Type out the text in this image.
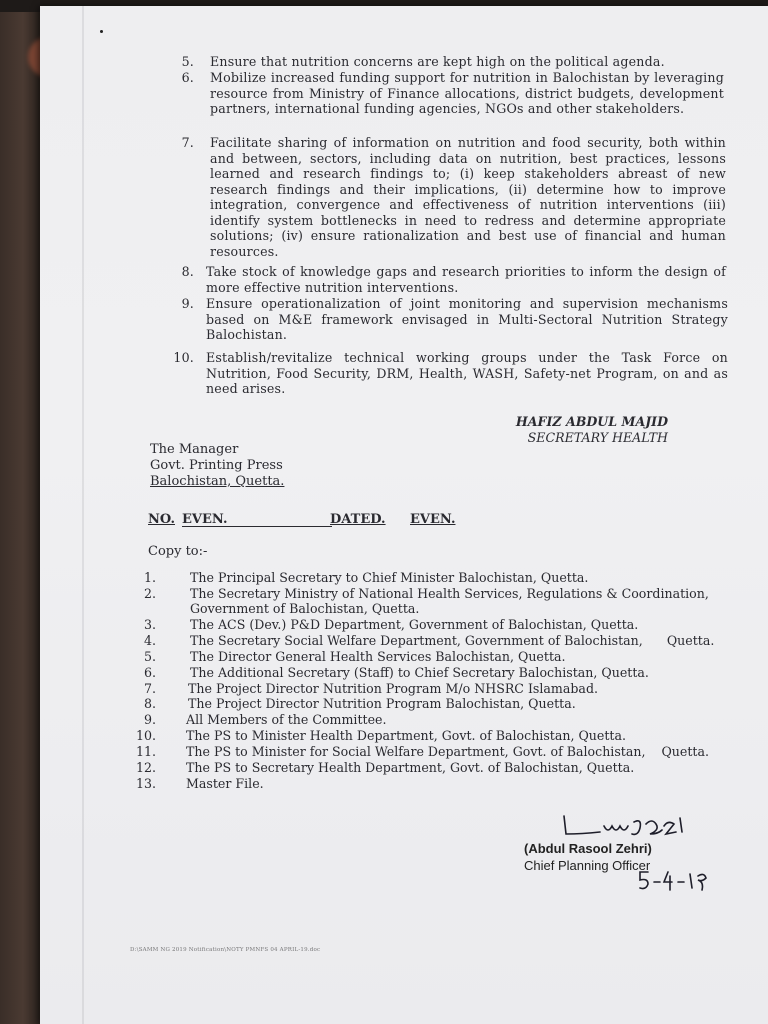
5. Ensure that nutrition concerns are kept high on the political agenda.
6. Mobilize increased funding support for nutrition in Balochistan by leveraging resource from Ministry of Finance allocations, district budgets, development partners, international funding agencies, NGOs and other stakeholders.
7. Facilitate sharing of information on nutrition and food security, both within and between, sectors, including data on nutrition, best practices, lessons learned and research findings to; (i) keep stakeholders abreast of new research findings and their implications, (ii) determine how to improve integration, convergence and effectiveness of nutrition interventions (iii) identify system bottlenecks in need to redress and determine appropriate solutions; (iv) ensure rationalization and best use of financial and human resources.
8. Take stock of knowledge gaps and research priorities to inform the design of more effective nutrition interventions.
9. Ensure operationalization of joint monitoring and supervision mechanisms based on M&E framework envisaged in Multi-Sectoral Nutrition Strategy Balochistan.
10. Establish/revitalize technical working groups under the Task Force on Nutrition, Food Security, DRM, Health, WASH, Safety-net Program, on and as need arises.
HAFIZ ABDUL MAJID
SECRETARY HEALTH
The Manager
Govt. Printing Press
Balochistan, Quetta.
NO. EVEN.	DATED. EVEN.
Copy to:-
1.	The Principal Secretary to Chief Minister Balochistan, Quetta.
2.	The Secretary Ministry of National Health Services, Regulations & Coordination,
Government of Balochistan, Quetta.
3.	The ACS (Dev.) P&D Department, Government of Balochistan, Quetta.
4.	The Secretary Social Welfare Department, Government of Balochistan,      Quetta.
5.	The Director General Health Services Balochistan, Quetta.
6.	The Additional Secretary (Staff) to Chief Secretary Balochistan, Quetta.
7.	The Project Director Nutrition Program M/o NHSRC Islamabad.
8.	The Project Director Nutrition Program Balochistan, Quetta.
9. All Members of the Committee.
10. The PS to Minister Health Department, Govt. of Balochistan, Quetta.
11. The PS to Minister for Social Welfare Department, Govt. of Balochistan,    Quetta.
12. The PS to Secretary Health Department, Govt. of Balochistan, Quetta.
13. Master File.
(Abdul Rasool Zehri)
Chief Planning Officer
D:\SAMM NG 2019 Notification\NOTY PMNFS 04 APRIL-19.doc
